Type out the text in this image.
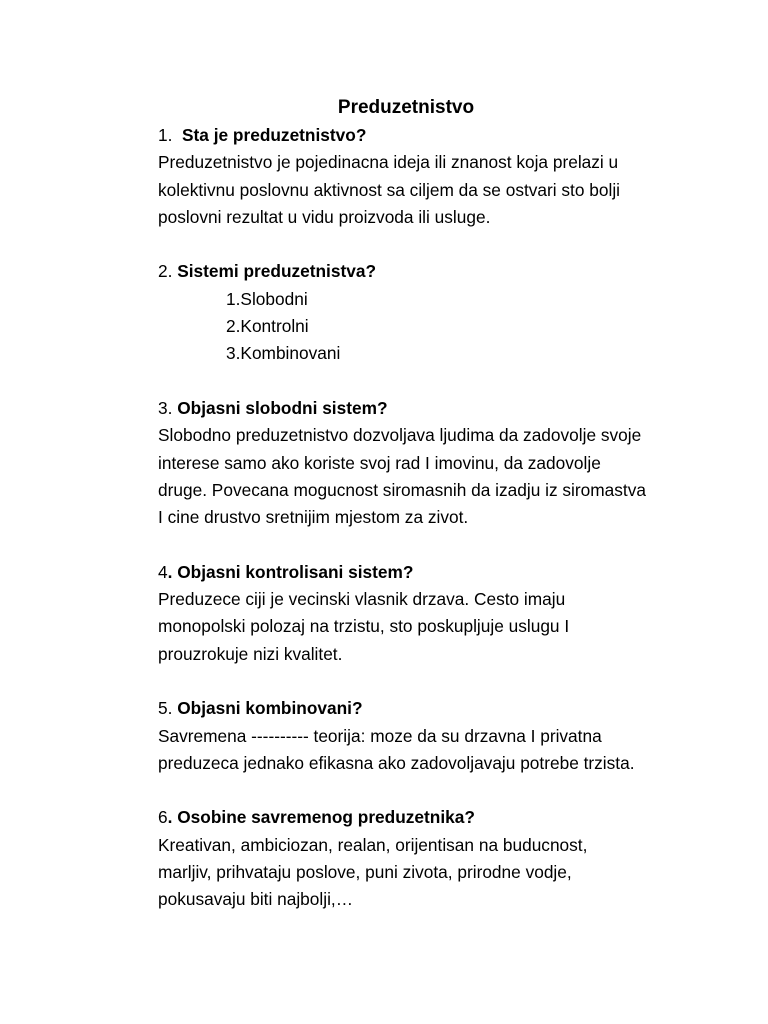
Preduzetnistvo
1.  Sta je preduzetnistvo?
Preduzetnistvo je pojedinacna ideja ili znanost koja prelazi u
kolektivnu poslovnu aktivnost sa ciljem da se ostvari sto bolji
poslovni rezultat u vidu proizvoda ili usluge.
2. Sistemi preduzetnistva?
1.Slobodni
2.Kontrolni
3.Kombinovani
3. Objasni slobodni sistem?
Slobodno preduzetnistvo dozvoljava ljudima da zadovolje svoje
interese samo ako koriste svoj rad I imovinu, da zadovolje
druge. Povecana mogucnost siromasnih da izadju iz siromastva
I cine drustvo sretnijim mjestom za zivot.
4. Objasni kontrolisani sistem?
Preduzece ciji je vecinski vlasnik drzava. Cesto imaju
monopolski polozaj na trzistu, sto poskupljuje uslugu I
prouzrokuje nizi kvalitet.
5. Objasni kombinovani?
Savremena ---------- teorija: moze da su drzavna I privatna
preduzeca jednako efikasna ako zadovoljavaju potrebe trzista.
6. Osobine savremenog preduzetnika?
Kreativan, ambiciozan, realan, orijentisan na buducnost,
marljiv, prihvataju poslove, puni zivota, prirodne vodje,
pokusavaju biti najbolji,…
